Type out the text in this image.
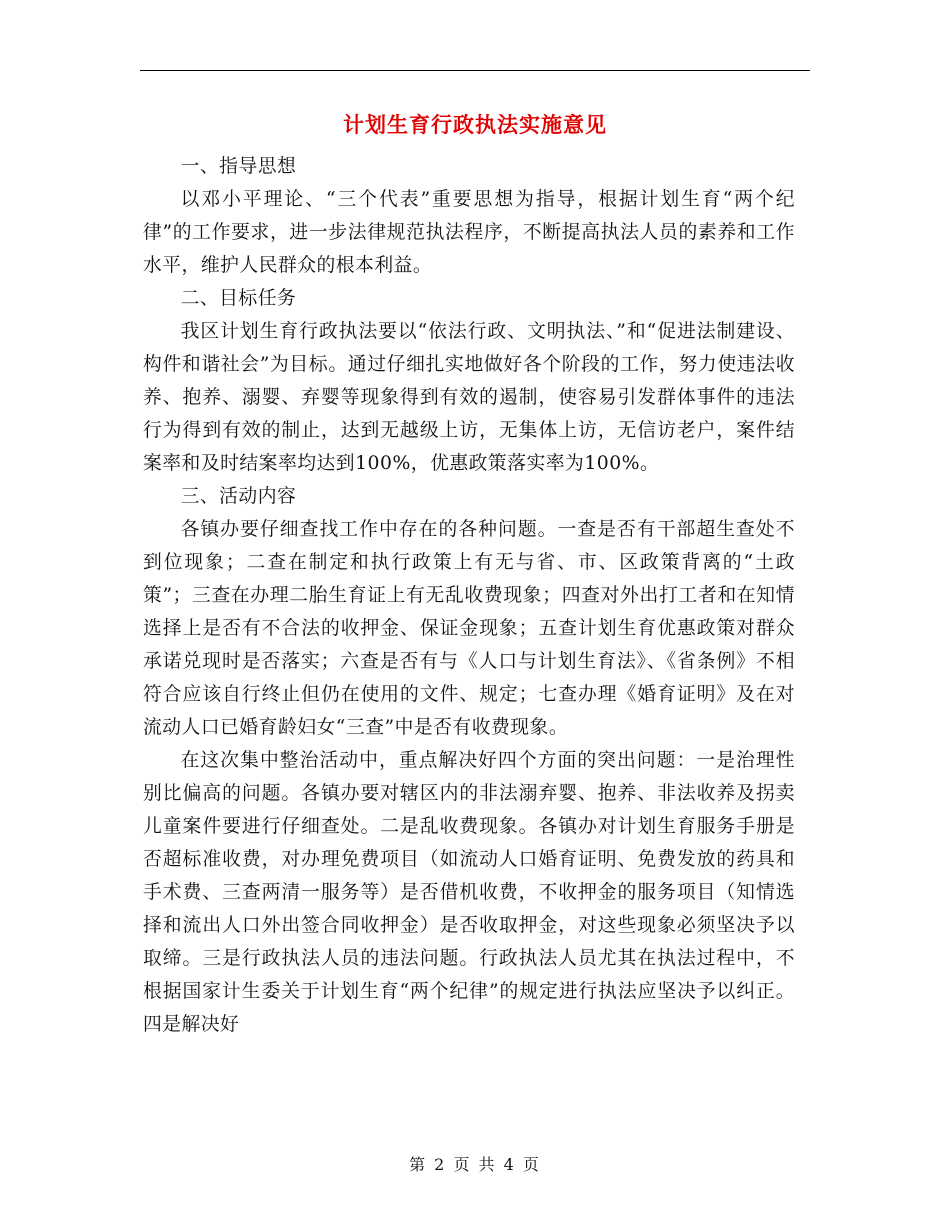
计划生育行政执法实施意见

一、指导思想

以邓小平理论、“三个代表”重要思想为指导，根据计划生育“两个纪律”的工作要求，进一步法律规范执法程序，不断提高执法人员的素养和工作水平，维护人民群众的根本利益。

二、目标任务

我区计划生育行政执法要以“依法行政、文明执法、”和“促进法制建设、构件和谐社会”为目标。通过仔细扎实地做好各个阶段的工作，努力使违法收养、抱养、溺婴、弃婴等现象得到有效的遏制，使容易引发群体事件的违法行为得到有效的制止，达到无越级上访，无集体上访，无信访老户，案件结案率和及时结案率均达到100%，优惠政策落实率为100%。

三、活动内容

各镇办要仔细查找工作中存在的各种问题。一查是否有干部超生查处不到位现象；二查在制定和执行政策上有无与省、市、区政策背离的“土政策”；三查在办理二胎生育证上有无乱收费现象；四查对外出打工者和在知情选择上是否有不合法的收押金、保证金现象；五查计划生育优惠政策对群众承诺兑现时是否落实；六查是否有与《人口与计划生育法》、《省条例》不相符合应该自行终止但仍在使用的文件、规定；七查办理《婚育证明》及在对流动人口已婚育龄妇女“三查”中是否有收费现象。

在这次集中整治活动中，重点解决好四个方面的突出问题：一是治理性别比偏高的问题。各镇办要对辖区内的非法溺弃婴、抱养、非法收养及拐卖儿童案件要进行仔细查处。二是乱收费现象。各镇办对计划生育服务手册是否超标准收费，对办理免费项目（如流动人口婚育证明、免费发放的药具和手术费、三查两清一服务等）是否借机收费，不收押金的服务项目（知情选择和流出人口外出签合同收押金）是否收取押金，对这些现象必须坚决予以取缔。三是行政执法人员的违法问题。行政执法人员尤其在执法过程中，不根据国家计生委关于计划生育“两个纪律”的规定进行执法应坚决予以纠正。四是解决好

第 2 页 共 4 页
